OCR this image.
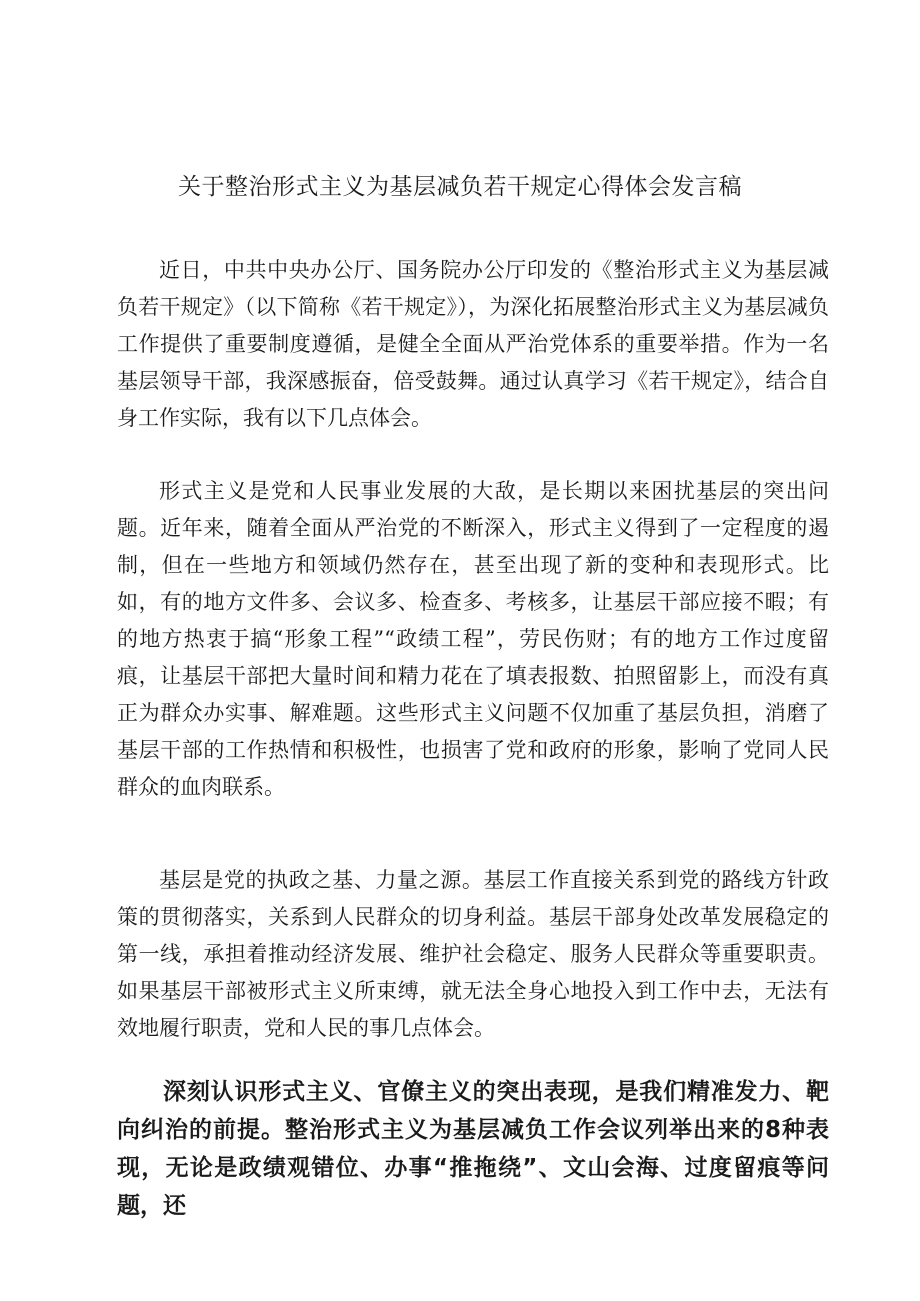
关于整治形式主义为基层减负若干规定心得体会发言稿

近日，中共中央办公厅、国务院办公厅印发的《整治形式主义为基层减负若干规定》（以下简称《若干规定》），为深化拓展整治形式主义为基层减负工作提供了重要制度遵循，是健全全面从严治党体系的重要举措。作为一名基层领导干部，我深感振奋，倍受鼓舞。通过认真学习《若干规定》，结合自身工作实际，我有以下几点体会。

形式主义是党和人民事业发展的大敌，是长期以来困扰基层的突出问题。近年来，随着全面从严治党的不断深入，形式主义得到了一定程度的遏制，但在一些地方和领域仍然存在，甚至出现了新的变种和表现形式。比如，有的地方文件多、会议多、检查多、考核多，让基层干部应接不暇；有的地方热衷于搞“形象工程”“政绩工程”，劳民伤财；有的地方工作过度留痕，让基层干部把大量时间和精力花在了填表报数、拍照留影上，而没有真正为群众办实事、解难题。这些形式主义问题不仅加重了基层负担，消磨了基层干部的工作热情和积极性，也损害了党和政府的形象，影响了党同人民群众的血肉联系。

基层是党的执政之基、力量之源。基层工作直接关系到党的路线方针政策的贯彻落实，关系到人民群众的切身利益。基层干部身处改革发展稳定的第一线，承担着推动经济发展、维护社会稳定、服务人民群众等重要职责。如果基层干部被形式主义所束缚，就无法全身心地投入到工作中去，无法有效地履行职责，党和人民的事几点体会。

深刻认识形式主义、官僚主义的突出表现，是我们精准发力、靶向纠治的前提。整治形式主义为基层减负工作会议列举出来的8种表现，无论是政绩观错位、办事“推拖绕”、文山会海、过度留痕等问题，还
